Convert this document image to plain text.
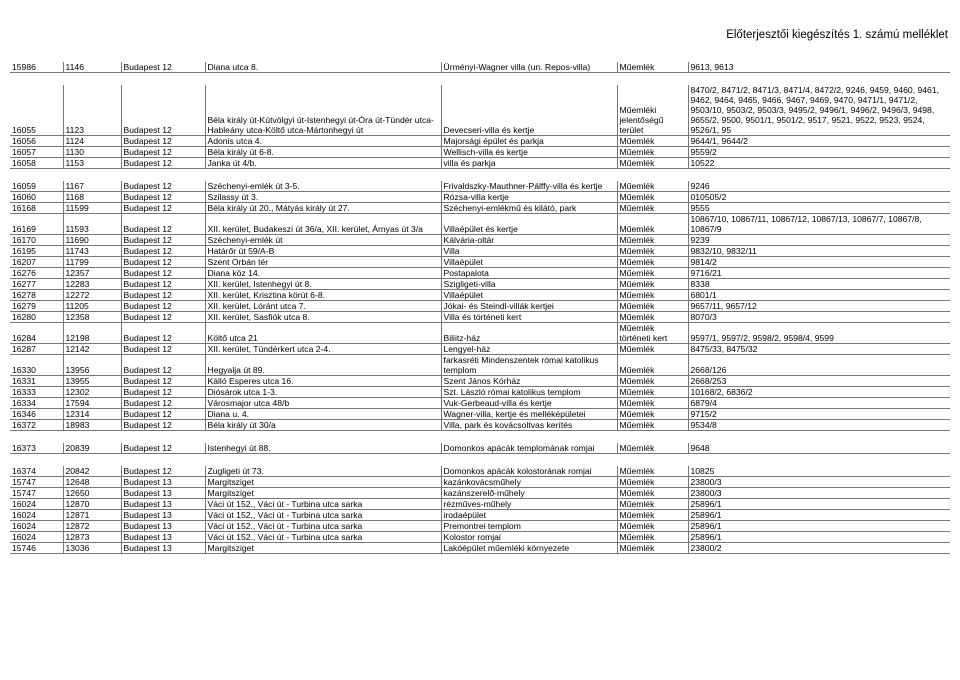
Előterjesztői kiegészítés 1. számú melléklet
15986	1146	Budapest 12	Diana utca 8.	Ürményi-Wagner villa (un. Repos-villa)	Műemlék	9613, 9613

16055	1123	Budapest 12	Béla király út-Kútvölgyi út-Istenhegyi út-Óra út-Tündér utca-Hableány utca-Költő utca-Mártonhegyi út	Devecseri-villa és kertje	Műemléki jelentőségű terület	8470/2, 8471/2, 8471/3, 8471/4, 8472/2, 9246, 9459, 9460, 9461, 9462, 9464, 9465, 9466, 9467, 9469, 9470, 9471/1, 9471/2, 9503/10, 9503/2, 9503/3, 9495/2, 9496/1, 9496/2, 9496/3, 9498, 9655/2, 9500, 9501/1, 9501/2, 9517, 9521, 9522, 9523, 9524, 9526/1, 95
16056	1124	Budapest 12	Adonis utca 4.	Majorsági épület és parkja	Műemlék	9644/1, 9644/2
16057	1130	Budapest 12	Béla király út 6-8.	Wellisch-villa és kertje	Műemlék	9559/2
16058	1153	Budapest 12	Janka út 4/b.	villa és parkja	Műemlék	10522

16059	1167	Budapest 12	Széchenyi-emlék út 3-5.	Frivaldszky-Mauthner-Pálffy-villa és kertje	Műemlék	9246
16060	1168	Budapest 12	Szilassy út 3.	Rózsa-villa kertje	Műemlék	010505/2
16168	11599	Budapest 12	Béla király út 20., Mátyás király út 27.	Széchenyi-emlékmű és kilátó, park	Műemlék	9555
16169	11593	Budapest 12	XII. kerület, Budakeszi út 36/a, XII. kerület, Árnyas út 3/a	Villaépület és kertje	Műemlék	10867/10, 10867/11, 10867/12, 10867/13, 10867/7, 10867/8, 10867/9
16170	11690	Budapest 12	Széchenyi-emlék út	Kálvária-oltár	Műemlék	9239
16195	11743	Budapest 12	Határőr út 59/A-B	Villa	Műemlék	9832/10, 9832/11
16207	11799	Budapest 12	Szent Orbán tér	Villaépület	Műemlék	9814/2
16276	12357	Budapest 12	Diana köz 14.	Postapalota	Műemlék	9716/21
16277	12283	Budapest 12	XII. kerület, Istenhegyi út 8.	Szigligeti-villa	Műemlék	8338
16278	12272	Budapest 12	XII. kerület, Krisztina körút 6-8.	Villaépület	Műemlék	6801/1
16279	11205	Budapest 12	XII. kerület, Lóránt utca 7.	Jókai- és Steindl-villák kertjei	Műemlék	9657/11, 9657/12
16280	12358	Budapest 12	XII. kerület, Sasfiók utca 8.	Villa és történeti kert	Műemlék	8070/3
16284	12198	Budapest 12	Költő utca 21	Biliitz-ház	Műemlék történeti kert	9597/1, 9597/2, 9598/2, 9598/4, 9599
16287	12142	Budapest 12	XII. kerület, Tündérkert utca 2-4.	Lengyel-ház	Műemlék	8475/33, 8475/32
16330	13956	Budapest 12	Hegyalja út 89.	farkasréti Mindenszentek római katolikus templom	Műemlék	2668/126
16331	13955	Budapest 12	Kálló Esperes utca 16.	Szent János Kórház	Műemlék	2668/253
16333	12302	Budapest 12	Diósárok utca 1-3.	Szt. László római katolikus templom	Műemlék	10168/2, 6836/2
16334	17594	Budapest 12	Városmajor utca 48/b	Vuk-Gerbeaud-villa és kertje	Műemlék	6879/4
16346	12314	Budapest 12	Diana u. 4.	Wagner-villa, kertje és melléképületei	Műemlék	9715/2
16372	18983	Budapest 12	Béla király út 30/a	Villa, park és kovácsoltvas kerítés	Műemlék	9534/8

16373	20839	Budapest 12	Istenhegyi út 88.	Domonkos apácák templomának romjai	Műemlék	9648

16374	20842	Budapest 12	Zugligeti út 73.	Domonkos apácák kolostorának romjai	Műemlék	10825
15747	12648	Budapest 13	Margitsziget	kazánkovácsműhely	Műemlék	23800/3
15747	12650	Budapest 13	Margitsziget	kazánszerelő-műhely	Műemlék	23800/3
16024	12870	Budapest 13	Váci út 152., Váci út - Turbina utca sarka	rézműves-műhely	Műemlék	25896/1
16024	12871	Budapest 13	Váci út 152., Váci út - Turbina utca sarka	irodaépület	Műemlék	25896/1
16024	12872	Budapest 13	Váci út 152., Váci út - Turbina utca sarka	Premontrei templom	Műemlék	25896/1
16024	12873	Budapest 13	Váci út 152., Váci út - Turbina utca sarka	Kolostor romjai	Műemlék	25896/1
15746	13036	Budapest 13	Margitsziget	Lakóépület műemléki környezete	Műemlék	23800/2
